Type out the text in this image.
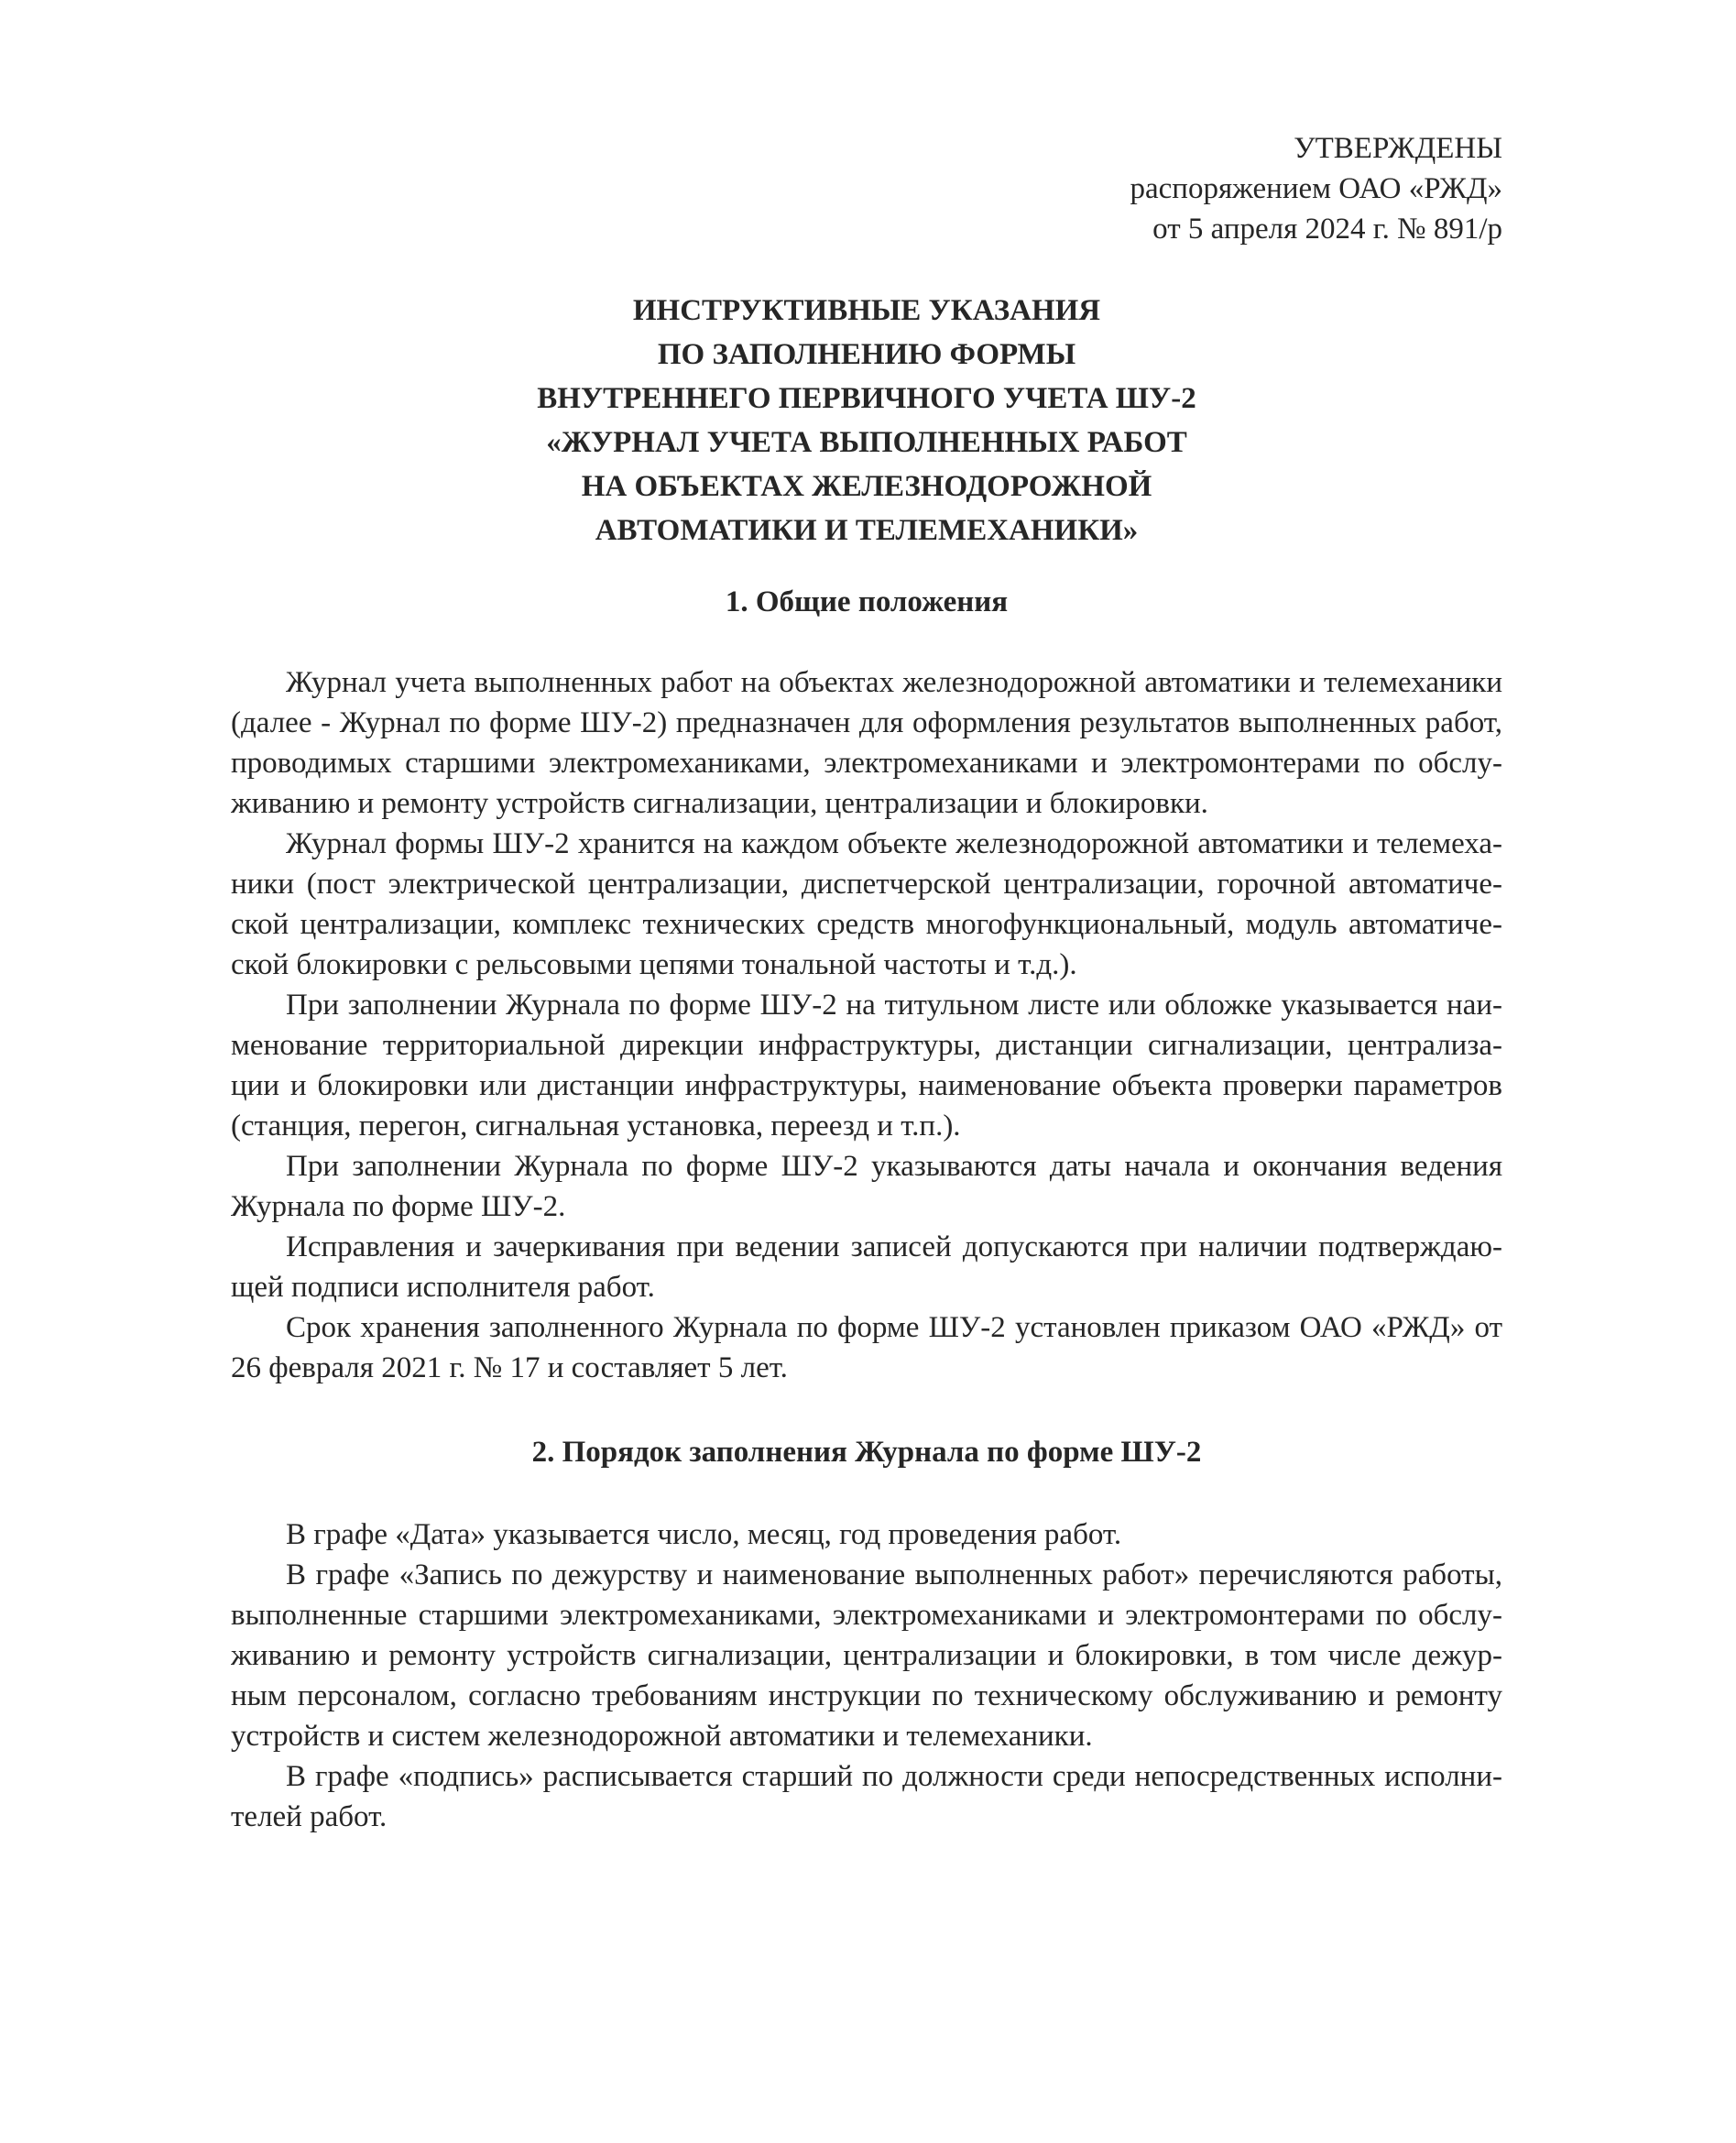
УТВЕРЖДЕНЫ
распоряжением ОАО «РЖД»
от 5 апреля 2024 г. № 891/р
ИНСТРУКТИВНЫЕ УКАЗАНИЯ
ПО ЗАПОЛНЕНИЮ ФОРМЫ
ВНУТРЕННЕГО ПЕРВИЧНОГО УЧЕТА ШУ-2
«ЖУРНАЛ УЧЕТА ВЫПОЛНЕННЫХ РАБОТ
НА ОБЪЕКТАХ ЖЕЛЕЗНОДОРОЖНОЙ
АВТОМАТИКИ И ТЕЛЕМЕХАНИКИ»
1. Общие положения
Журнал учета выполненных работ на объектах железнодорожной автоматики и телемеханики
(далее - Журнал по форме ШУ-2) предназначен для оформления результатов выполненных работ,
проводимых старшими электромеханиками, электромеханиками и электромонтерами по обслу-
живанию и ремонту устройств сигнализации, централизации и блокировки.
Журнал формы ШУ-2 хранится на каждом объекте железнодорожной автоматики и телемеха-
ники (пост электрической централизации, диспетчерской централизации, горочной автоматиче-
ской централизации, комплекс технических средств многофункциональный, модуль автоматиче-
ской блокировки с рельсовыми цепями тональной частоты и т.д.).
При заполнении Журнала по форме ШУ-2 на титульном листе или обложке указывается наи-
менование территориальной дирекции инфраструктуры, дистанции сигнализации, централиза-
ции и блокировки или дистанции инфраструктуры, наименование объекта проверки параметров
(станция, перегон, сигнальная установка, переезд и т.п.).
При заполнении Журнала по форме ШУ-2 указываются даты начала и окончания ведения
Журнала по форме ШУ-2.
Исправления и зачеркивания при ведении записей допускаются при наличии подтверждаю-
щей подписи исполнителя работ.
Срок хранения заполненного Журнала по форме ШУ-2 установлен приказом ОАО «РЖД» от
26 февраля 2021 г. № 17 и составляет 5 лет.
2. Порядок заполнения Журнала по форме ШУ-2
В графе «Дата» указывается число, месяц, год проведения работ.
В графе «Запись по дежурству и наименование выполненных работ» перечисляются работы,
выполненные старшими электромеханиками, электромеханиками и электромонтерами по обслу-
живанию и ремонту устройств сигнализации, централизации и блокировки, в том числе дежур-
ным персоналом, согласно требованиям инструкции по техническому обслуживанию и ремонту
устройств и систем железнодорожной автоматики и телемеханики.
В графе «подпись» расписывается старший по должности среди непосредственных исполни-
телей работ.
